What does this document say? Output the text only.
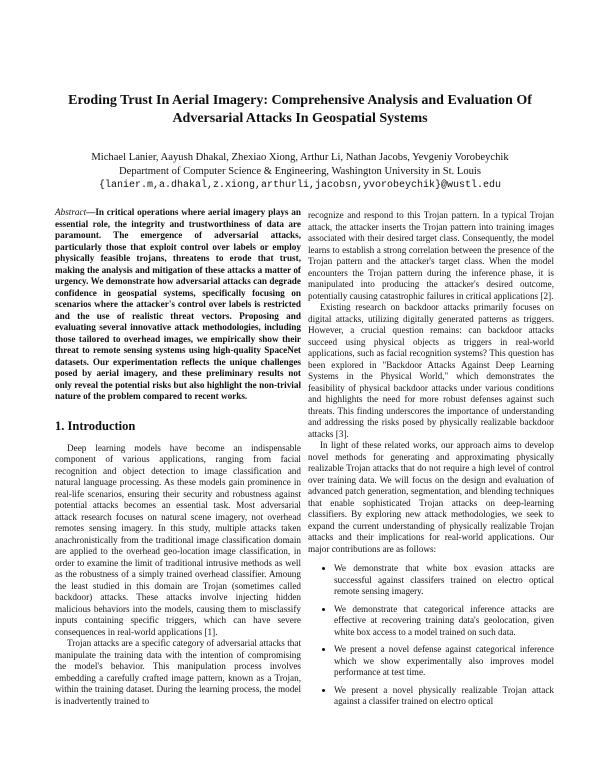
Eroding Trust In Aerial Imagery: Comprehensive Analysis and Evaluation Of Adversarial Attacks In Geospatial Systems
Michael Lanier, Aayush Dhakal, Zhexiao Xiong, Arthur Li, Nathan Jacobs, Yevgeniy Vorobeychik
Department of Computer Science & Engineering, Washington University in St. Louis
{lanier.m,a.dhakal,z.xiong,arthurli,jacobsn,yvorobeychik}@wustl.edu

Abstract—In critical operations where aerial imagery plays an essential role, the integrity and trustworthiness of data are paramount. The emergence of adversarial attacks, particularly those that exploit control over labels or employ physically feasible trojans, threatens to erode that trust, making the analysis and mitigation of these attacks a matter of urgency. We demonstrate how adversarial attacks can degrade confidence in geospatial systems, specifically focusing on scenarios where the attacker's control over labels is restricted and the use of realistic threat vectors. Proposing and evaluating several innovative attack methodologies, including those tailored to overhead images, we empirically show their threat to remote sensing systems using high-quality SpaceNet datasets. Our experimentation reflects the unique challenges posed by aerial imagery, and these preliminary results not only reveal the potential risks but also highlight the non-trivial nature of the problem compared to recent works.

1. Introduction

Deep learning models have become an indispensable component of various applications, ranging from facial recognition and object detection to image classification and natural language processing. As these models gain prominence in real-life scenarios, ensuring their security and robustness against potential attacks becomes an essential task. Most adversarial attack research focuses on natural scene imagery, not overhead remotes sensing imagery. In this study, multiple attacks taken anachronistically from the traditional image classification domain are applied to the overhead geo-location image classification, in order to examine the limit of traditional intrusive methods as well as the robustness of a simply trained overhead classifier. Amoung the least studied in this domain are Trojan (sometimes called backdoor) attacks. These attacks involve injecting hidden malicious behaviors into the models, causing them to misclassify inputs containing specific triggers, which can have severe consequences in real-world applications [1].

Trojan attacks are a specific category of adversarial attacks that manipulate the training data with the intention of compromising the model's behavior. This manipulation process involves embedding a carefully crafted image pattern, known as a Trojan, within the training dataset. During the learning process, the model is inadvertently trained to

recognize and respond to this Trojan pattern. In a typical Trojan attack, the attacker inserts the Trojan pattern into training images associated with their desired target class. Consequently, the model learns to establish a strong correlation between the presence of the Trojan pattern and the attacker's target class. When the model encounters the Trojan pattern during the inference phase, it is manipulated into producing the attacker's desired outcome, potentially causing catastrophic failures in critical applications [2].

Existing research on backdoor attacks primarily focuses on digital attacks, utilizing digitally generated patterns as triggers. However, a crucial question remains: can backdoor attacks succeed using physical objects as triggers in real-world applications, such as facial recognition systems? This question has been explored in "Backdoor Attacks Against Deep Learning Systems in the Physical World," which demonstrates the feasibility of physical backdoor attacks under various conditions and highlights the need for more robust defenses against such threats. This finding underscores the importance of understanding and addressing the risks posed by physically realizable backdoor attacks [3].

In light of these related works, our approach aims to develop novel methods for generating and approximating physically realizable Trojan attacks that do not require a high level of control over training data. We will focus on the design and evaluation of advanced patch generation, segmentation, and blending techniques that enable sophisticated Trojan attacks on deep-learning classifiers. By exploring new attack methodologies, we seek to expand the current understanding of physically realizable Trojan attacks and their implications for real-world applications. Our major contributions are as follows:

• We demonstrate that white box evasion attacks are successful against classifers trained on electro optical remote sensing imagery.
• We demonstrate that categorical inference attacks are effective at recovering training data's geolocation, given white box access to a model trained on such data.
• We present a novel defense against categorical inference which we show experimentally also improves model performance at test time.
• We present a novel physically realizable Trojan attack against a classifer trained on electro optical
